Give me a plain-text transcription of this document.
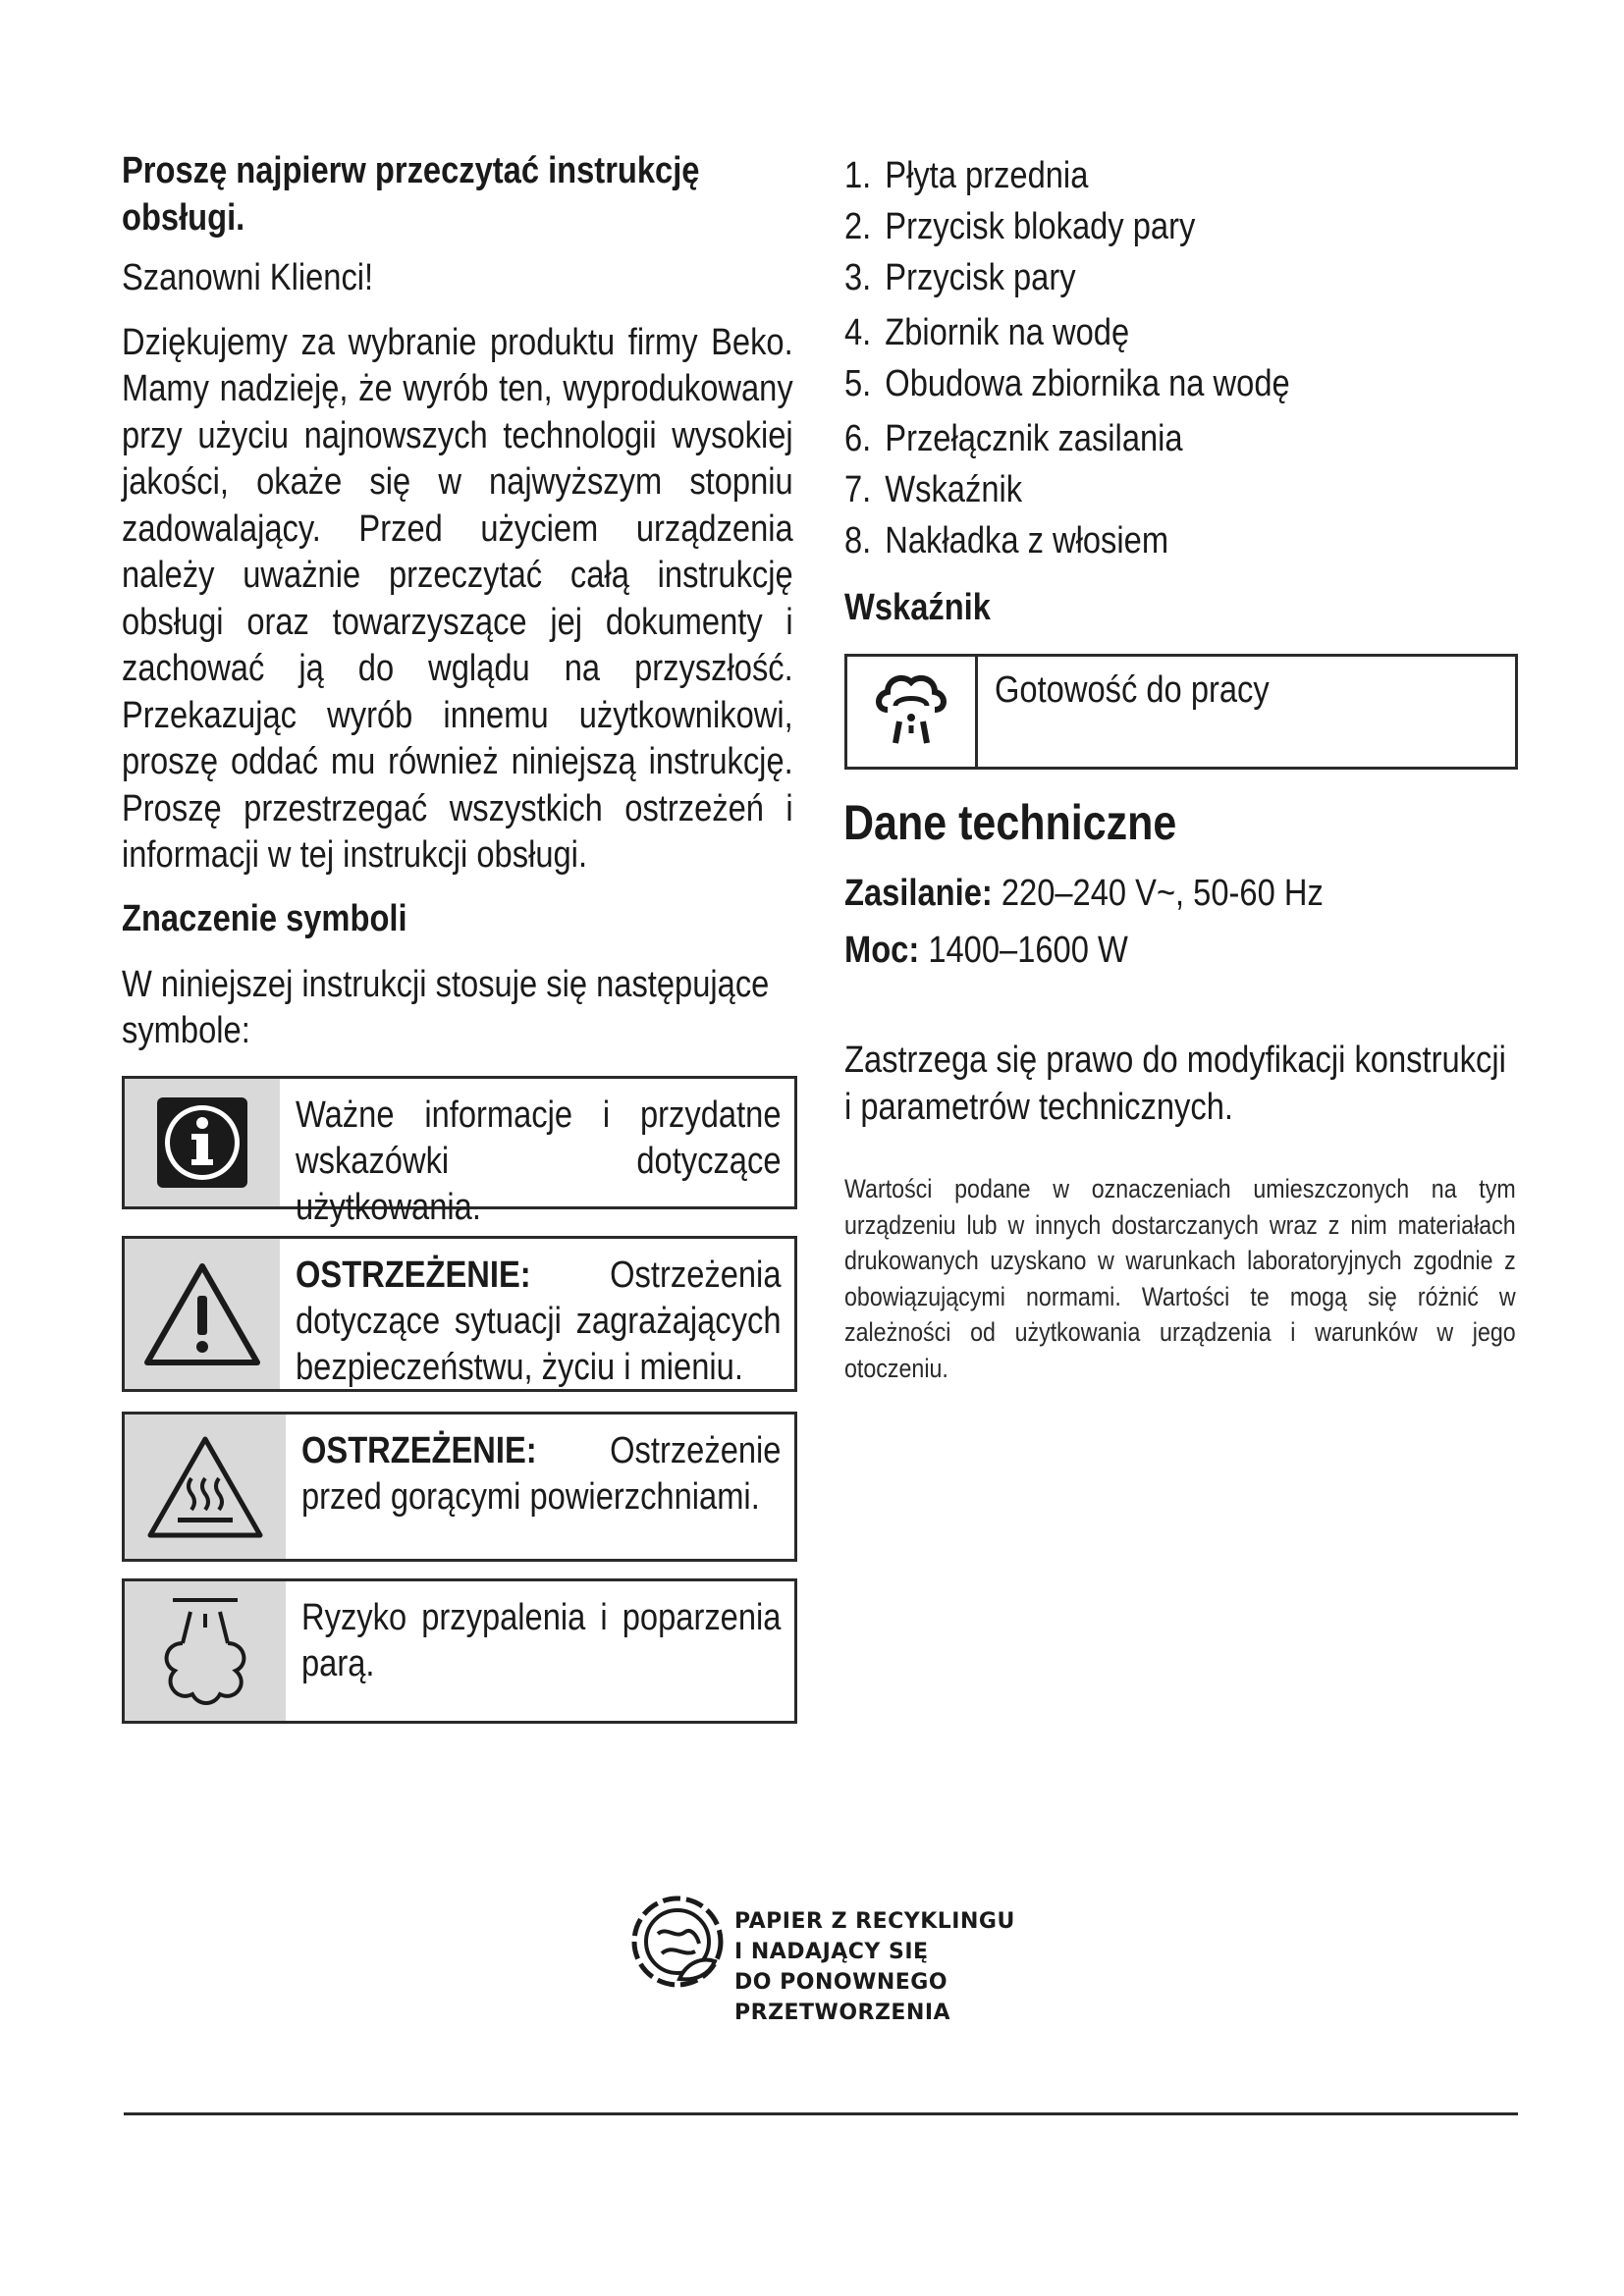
Proszę najpierw przeczytać instrukcję obsługi.

Szanowni Klienci!

Dziękujemy za wybranie produktu firmy Beko. Mamy nadzieję, że wyrób ten, wyprodukowany przy użyciu najnowszych technologii wysokiej jakości, okaże się w najwyższym stopniu zadowalający. Przed użyciem urządzenia należy uważnie przeczytać całą instrukcję obsługi oraz towarzyszące jej dokumenty i zachować ją do wglądu na przyszłość. Przekazując wyrób innemu użytkownikowi, proszę oddać mu również niniejszą instrukcję. Proszę przestrzegać wszystkich ostrzeżeń i informacji w tej instrukcji obsługi.

Znaczenie symboli

W niniejszej instrukcji stosuje się następujące symbole:

Ważne informacje i przydatne wskazówki dotyczące użytkowania.
OSTRZEŻENIE: Ostrzeżenia dotyczące sytuacji zagrażających bezpieczeństwu, życiu i mieniu.
OSTRZEŻENIE: Ostrzeżenie przed gorącymi powierzchniami.
Ryzyko przypalenia i poparzenia parą.
1. Płyta przednia
2. Przycisk blokady pary
3. Przycisk pary
4. Zbiornik na wodę
5. Obudowa zbiornika na wodę
6. Przełącznik zasilania
7. Wskaźnik
8. Nakładka z włosiem
Wskaźnik
Gotowość do pracy
Dane techniczne
Zasilanie: 220–240 V~, 50-60 Hz
Moc: 1400–1600 W
Zastrzega się prawo do modyfikacji konstrukcji i parametrów technicznych.
Wartości podane w oznaczeniach umieszczonych na tym urządzeniu lub w innych dostarczanych wraz z nim materiałach drukowanych uzyskano w warunkach laboratoryjnych zgodnie z obowiązującymi normami. Wartości te mogą się różnić w zależności od użytkowania urządzenia i warunków w jego otoczeniu.
PAPIER Z RECYKLINGU
I NADAJĄCY SIĘ
DO PONOWNEGO
PRZETWORZENIA
